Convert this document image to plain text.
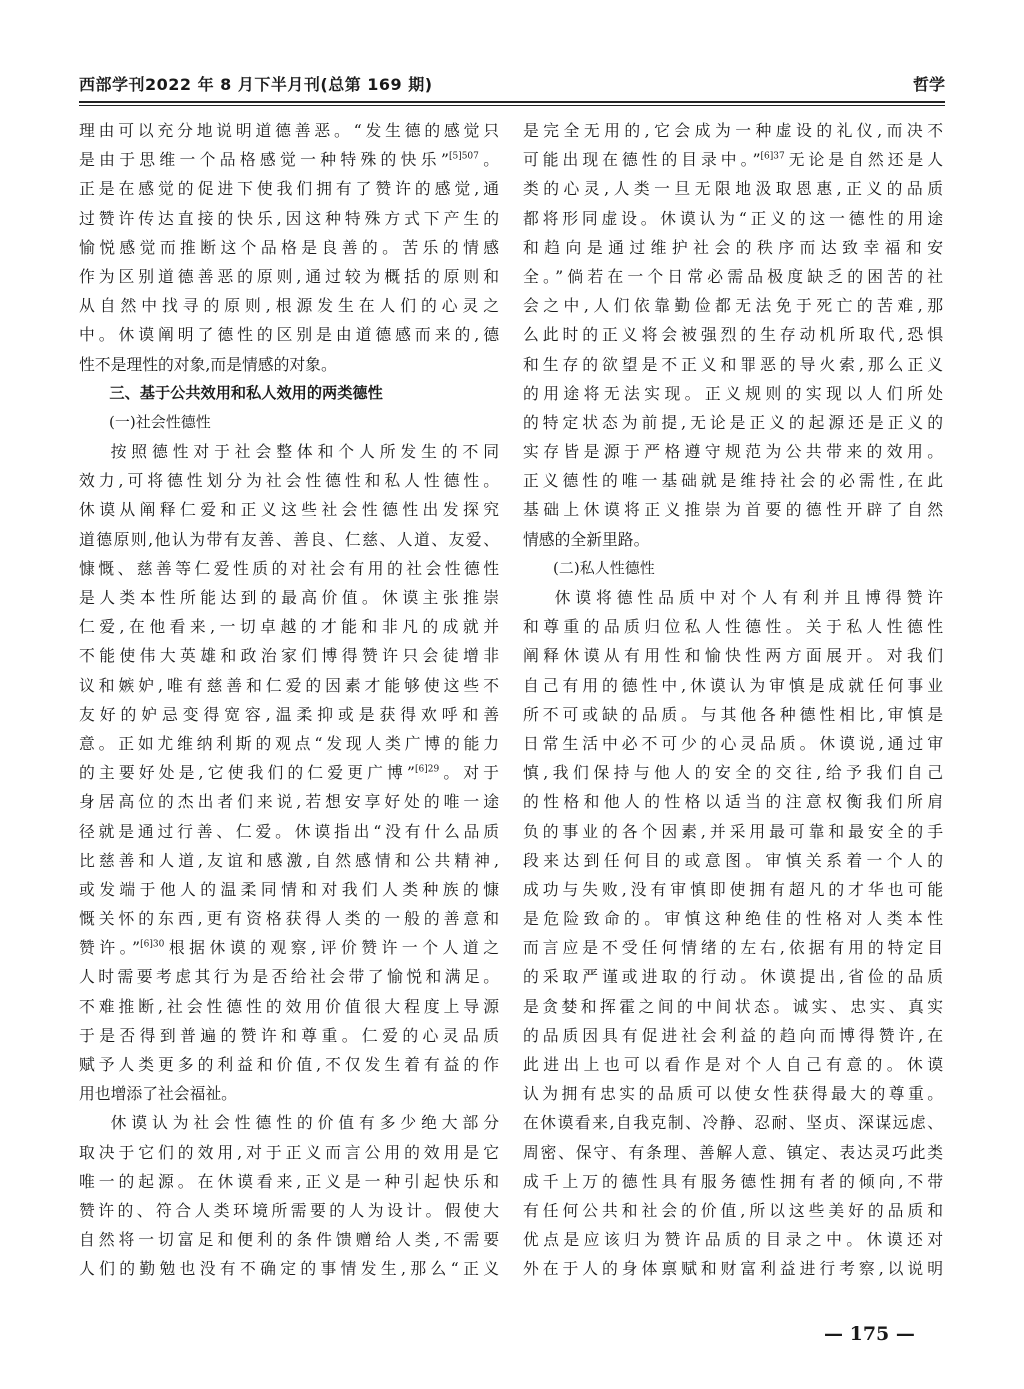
西部学刊2022 年 8 月下半月刊(总第 169 期)	哲学
理由可以充分地说明道德善恶。“发生德的感觉只
是由于思维一个品格感觉一种特殊的快乐”$^{[5]507}$。
正是在感觉的促进下使我们拥有了赞许的感觉,通
过赞许传达直接的快乐,因这种特殊方式下产生的
愉悦感觉而推断这个品格是良善的。苦乐的情感
作为区别道德善恶的原则,通过较为概括的原则和
从自然中找寻的原则,根源发生在人们的心灵之
中。休谟阐明了德性的区别是由道德感而来的,德
性不是理性的对象,而是情感的对象。
三、基于公共效用和私人效用的两类德性
(一)社会性德性
按照德性对于社会整体和个人所发生的不同
效力,可将德性划分为社会性德性和私人性德性。
休谟从阐释仁爱和正义这些社会性德性出发探究
道德原则,他认为带有友善、善良、仁慈、人道、友爱、
慷慨、慈善等仁爱性质的对社会有用的社会性德性
是人类本性所能达到的最高价值。休谟主张推崇
仁爱,在他看来,一切卓越的才能和非凡的成就并
不能使伟大英雄和政治家们博得赞许只会徒增非
议和嫉妒,唯有慈善和仁爱的因素才能够使这些不
友好的妒忌变得宽容,温柔抑或是获得欢呼和善
意。正如尤维纳利斯的观点“发现人类广博的能力
的主要好处是,它使我们的仁爱更广博”$^{[6]29}$。对于
身居高位的杰出者们来说,若想安享好处的唯一途
径就是通过行善、仁爱。休谟指出“没有什么品质
比慈善和人道,友谊和感激,自然感情和公共精神,
或发端于他人的温柔同情和对我们人类种族的慷
慨关怀的东西,更有资格获得人类的一般的善意和
赞许。”$^{[6]30}$根据休谟的观察,评价赞许一个人道之
人时需要考虑其行为是否给社会带了愉悦和满足。
不难推断,社会性德性的效用价值很大程度上导源
于是否得到普遍的赞许和尊重。仁爱的心灵品质
赋予人类更多的利益和价值,不仅发生着有益的作
用也增添了社会福祉。
休谟认为社会性德性的价值有多少绝大部分
取决于它们的效用,对于正义而言公用的效用是它
唯一的起源。在休谟看来,正义是一种引起快乐和
赞许的、符合人类环境所需要的人为设计。假使大
自然将一切富足和便利的条件馈赠给人类,不需要
人们的勤勉也没有不确定的事情发生,那么“正义
是完全无用的,它会成为一种虚设的礼仪,而决不
可能出现在德性的目录中。”$^{[6]37}$无论是自然还是人
类的心灵,人类一旦无限地汲取恩惠,正义的品质
都将形同虚设。休谟认为“正义的这一德性的用途
和趋向是通过维护社会的秩序而达致幸福和安
全。”倘若在一个日常必需品极度缺乏的困苦的社
会之中,人们依靠勤俭都无法免于死亡的苦难,那
么此时的正义将会被强烈的生存动机所取代,恐惧
和生存的欲望是不正义和罪恶的导火索,那么正义
的用途将无法实现。正义规则的实现以人们所处
的特定状态为前提,无论是正义的起源还是正义的
实存皆是源于严格遵守规范为公共带来的效用。
正义德性的唯一基础就是维持社会的必需性,在此
基础上休谟将正义推崇为首要的德性开辟了自然
情感的全新里路。
(二)私人性德性
休谟将德性品质中对个人有利并且博得赞许
和尊重的品质归位私人性德性。关于私人性德性
阐释休谟从有用性和愉快性两方面展开。对我们
自己有用的德性中,休谟认为审慎是成就任何事业
所不可或缺的品质。与其他各种德性相比,审慎是
日常生活中必不可少的心灵品质。休谟说,通过审
慎,我们保持与他人的安全的交往,给予我们自己
的性格和他人的性格以适当的注意权衡我们所肩
负的事业的各个因素,并采用最可靠和最安全的手
段来达到任何目的或意图。审慎关系着一个人的
成功与失败,没有审慎即使拥有超凡的才华也可能
是危险致命的。审慎这种绝佳的性格对人类本性
而言应是不受任何情绪的左右,依据有用的特定目
的采取严谨或进取的行动。休谟提出,省俭的品质
是贪婪和挥霍之间的中间状态。诚实、忠实、真实
的品质因具有促进社会利益的趋向而博得赞许,在
此进出上也可以看作是对个人自己有意的。休谟
认为拥有忠实的品质可以使女性获得最大的尊重。
在休谟看来,自我克制、冷静、忍耐、坚贞、深谋远虑、
周密、保守、有条理、善解人意、镇定、表达灵巧此类
成千上万的德性具有服务德性拥有者的倾向,不带
有任何公共和社会的价值,所以这些美好的品质和
优点是应该归为赞许品质的目录之中。休谟还对
外在于人的身体禀赋和财富利益进行考察,以说明
— 175 —
